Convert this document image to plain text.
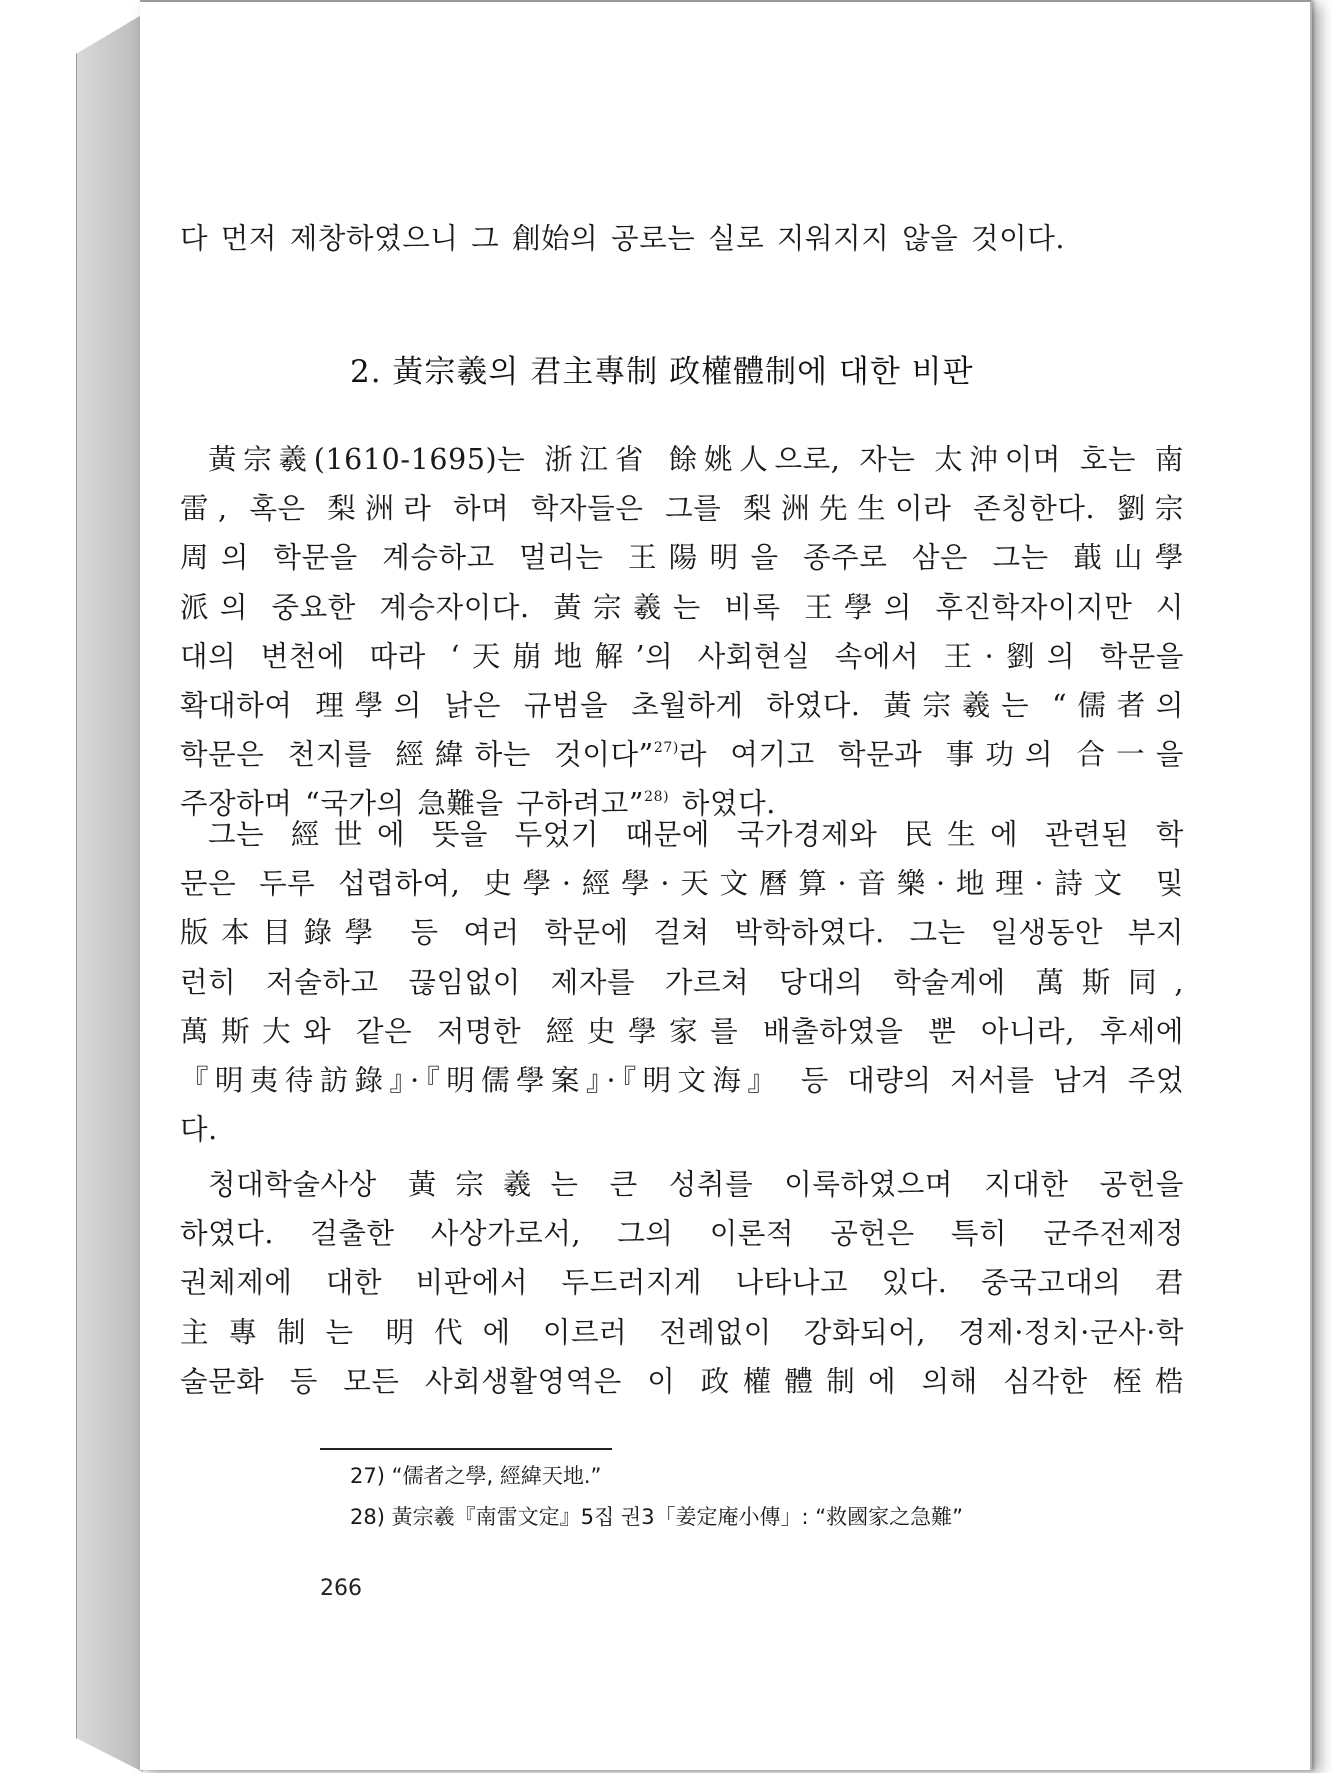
다 먼저 제창하였으니 그 創始의 공로는 실로 지워지지 않을 것이다.

2. 黃宗羲의 君主專制 政權體制에 대한 비판

黃宗羲(1610-1695)는 浙江省 餘姚人으로, 자는 太沖이며 호는 南
雷, 혹은 梨洲라 하며 학자들은 그를 梨洲先生이라 존칭한다. 劉宗
周의 학문을 계승하고 멀리는 王陽明을 종주로 삼은 그는 蕺山學
派의 중요한 계승자이다. 黃宗羲는 비록 王學의 후진학자이지만 시
대의 변천에 따라 ‘天崩地解’의 사회현실 속에서 王·劉의 학문을
확대하여 理學의 낡은 규범을 초월하게 하였다. 黃宗羲는 “儒者의
학문은 천지를 經緯하는 것이다”$^{27)}$라 여기고 학문과 事功의 合一을
주장하며 “국가의 急難을 구하려고”$^{28)}$ 하였다.

그는 經世에 뜻을 두었기 때문에 국가경제와 民生에 관련된 학
문은 두루 섭렵하여, 史學·經學·天文曆算·音樂·地理·詩文 및
版本目錄學 등 여러 학문에 걸쳐 박학하였다. 그는 일생동안 부지
런히 저술하고 끊임없이 제자를 가르쳐 당대의 학술계에 萬斯同,
萬斯大와 같은 저명한 經史學家를 배출하였을 뿐 아니라, 후세에
『明夷待訪錄』·『明儒學案』·『明文海』 등 대량의 저서를 남겨 주었
다.

청대학술사상 黃宗羲는 큰 성취를 이룩하였으며 지대한 공헌을
하였다. 걸출한 사상가로서, 그의 이론적 공헌은 특히 군주전제정
권체제에 대한 비판에서 두드러지게 나타나고 있다. 중국고대의 君
主專制는 明代에 이르러 전례없이 강화되어, 경제·정치·군사·학
술문화 등 모든 사회생활영역은 이 政權體制에 의해 심각한 桎梏

27) “儒者之學, 經緯天地.”

28) 黃宗羲『南雷文定』5집 권3「姜定庵小傳」: “救國家之急難”

266
